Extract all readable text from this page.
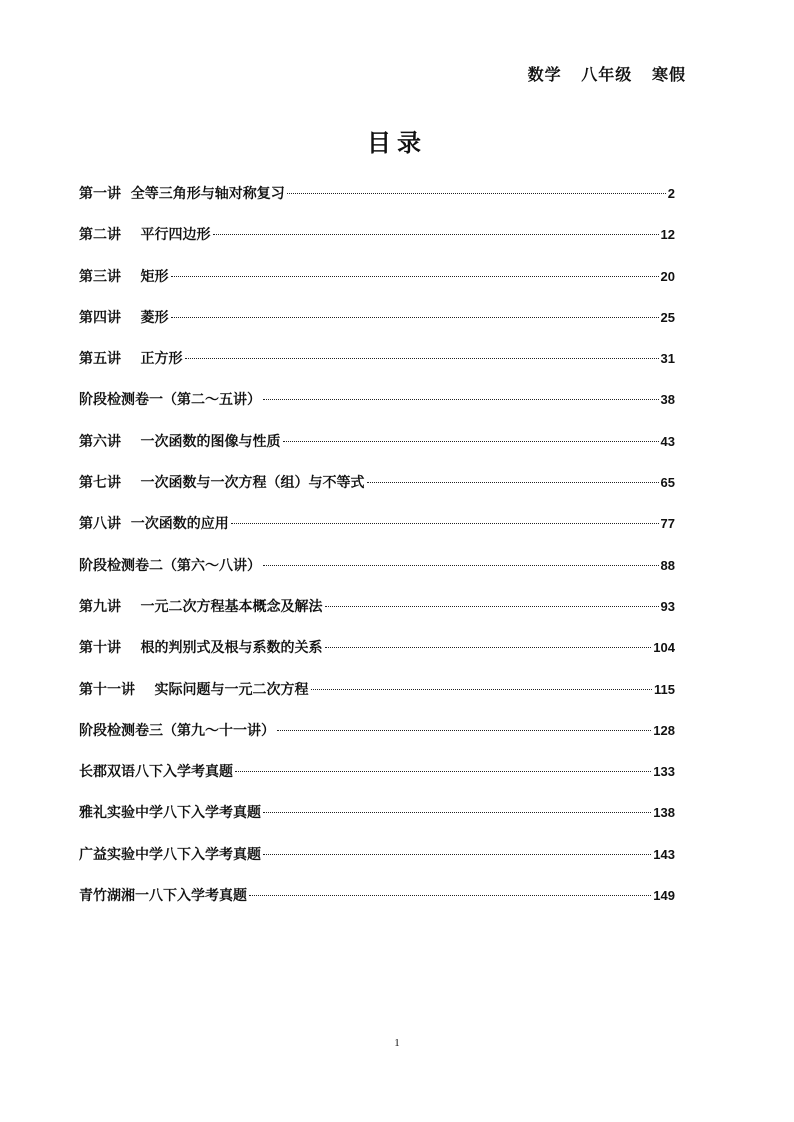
数学   八年级   寒假
目录
第一讲  全等三角形与轴对称复习	2
第二讲    平行四边形	12
第三讲    矩形	20
第四讲    菱形	25
第五讲    正方形	31
阶段检测卷一（第二～五讲）	38
第六讲    一次函数的图像与性质	43
第七讲    一次函数与一次方程（组）与不等式	65
第八讲  一次函数的应用	77
阶段检测卷二（第六～八讲）	88
第九讲    一元二次方程基本概念及解法	93
第十讲    根的判别式及根与系数的关系	104
第十一讲    实际问题与一元二次方程	115
阶段检测卷三（第九～十一讲）	128
长郡双语八下入学考真题	133
雅礼实验中学八下入学考真题	138
广益实验中学八下入学考真题	143
青竹湖湘一八下入学考真题	149
1
